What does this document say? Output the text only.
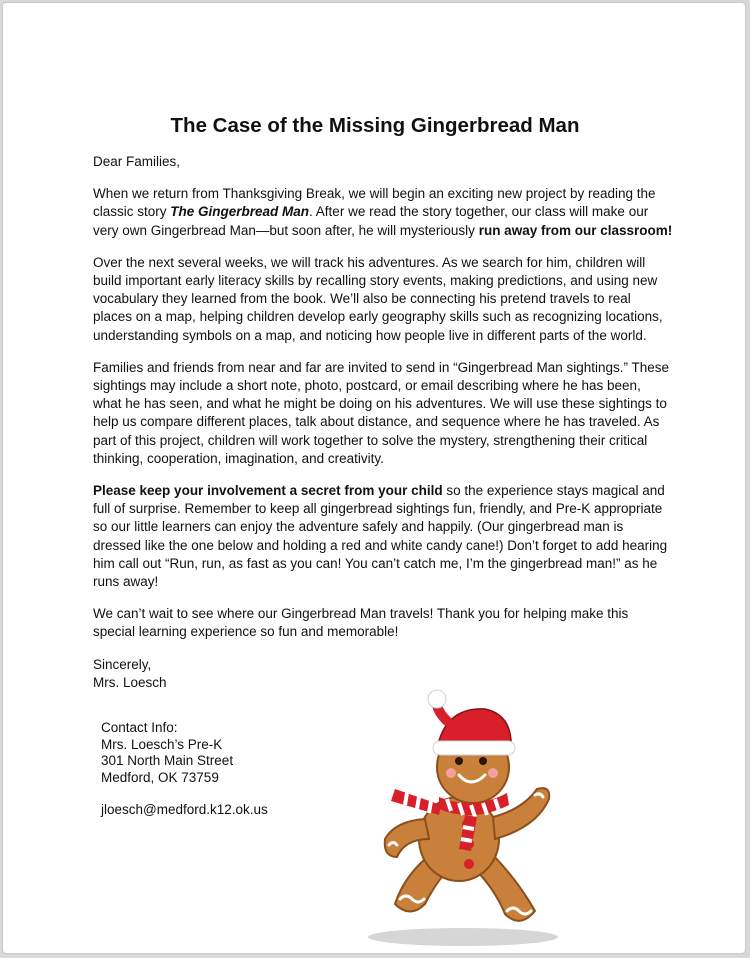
The Case of the Missing Gingerbread Man

Dear Families,

When we return from Thanksgiving Break, we will begin an exciting new project by reading the classic story The Gingerbread Man. After we read the story together, our class will make our very own Gingerbread Man—but soon after, he will mysteriously run away from our classroom!

Over the next several weeks, we will track his adventures. As we search for him, children will build important early literacy skills by recalling story events, making predictions, and using new vocabulary they learned from the book. We’ll also be connecting his pretend travels to real places on a map, helping children develop early geography skills such as recognizing locations, understanding symbols on a map, and noticing how people live in different parts of the world.

Families and friends from near and far are invited to send in “Gingerbread Man sightings.” These sightings may include a short note, photo, postcard, or email describing where he has been, what he has seen, and what he might be doing on his adventures. We will use these sightings to help us compare different places, talk about distance, and sequence where he has traveled. As part of this project, children will work together to solve the mystery, strengthening their critical thinking, cooperation, imagination, and creativity.

Please keep your involvement a secret from your child so the experience stays magical and full of surprise. Remember to keep all gingerbread sightings fun, friendly, and Pre-K appropriate so our little learners can enjoy the adventure safely and happily. (Our gingerbread man is dressed like the one below and holding a red and white candy cane!) Don’t forget to add hearing him call out “Run, run, as fast as you can! You can’t catch me, I’m the gingerbread man!” as he runs away!

We can’t wait to see where our Gingerbread Man travels! Thank you for helping make this special learning experience so fun and memorable!

Sincerely,
Mrs. Loesch
Contact Info:
Mrs. Loesch’s Pre-K
301 North Main Street
Medford, OK 73759
jloesch@medford.k12.ok.us
